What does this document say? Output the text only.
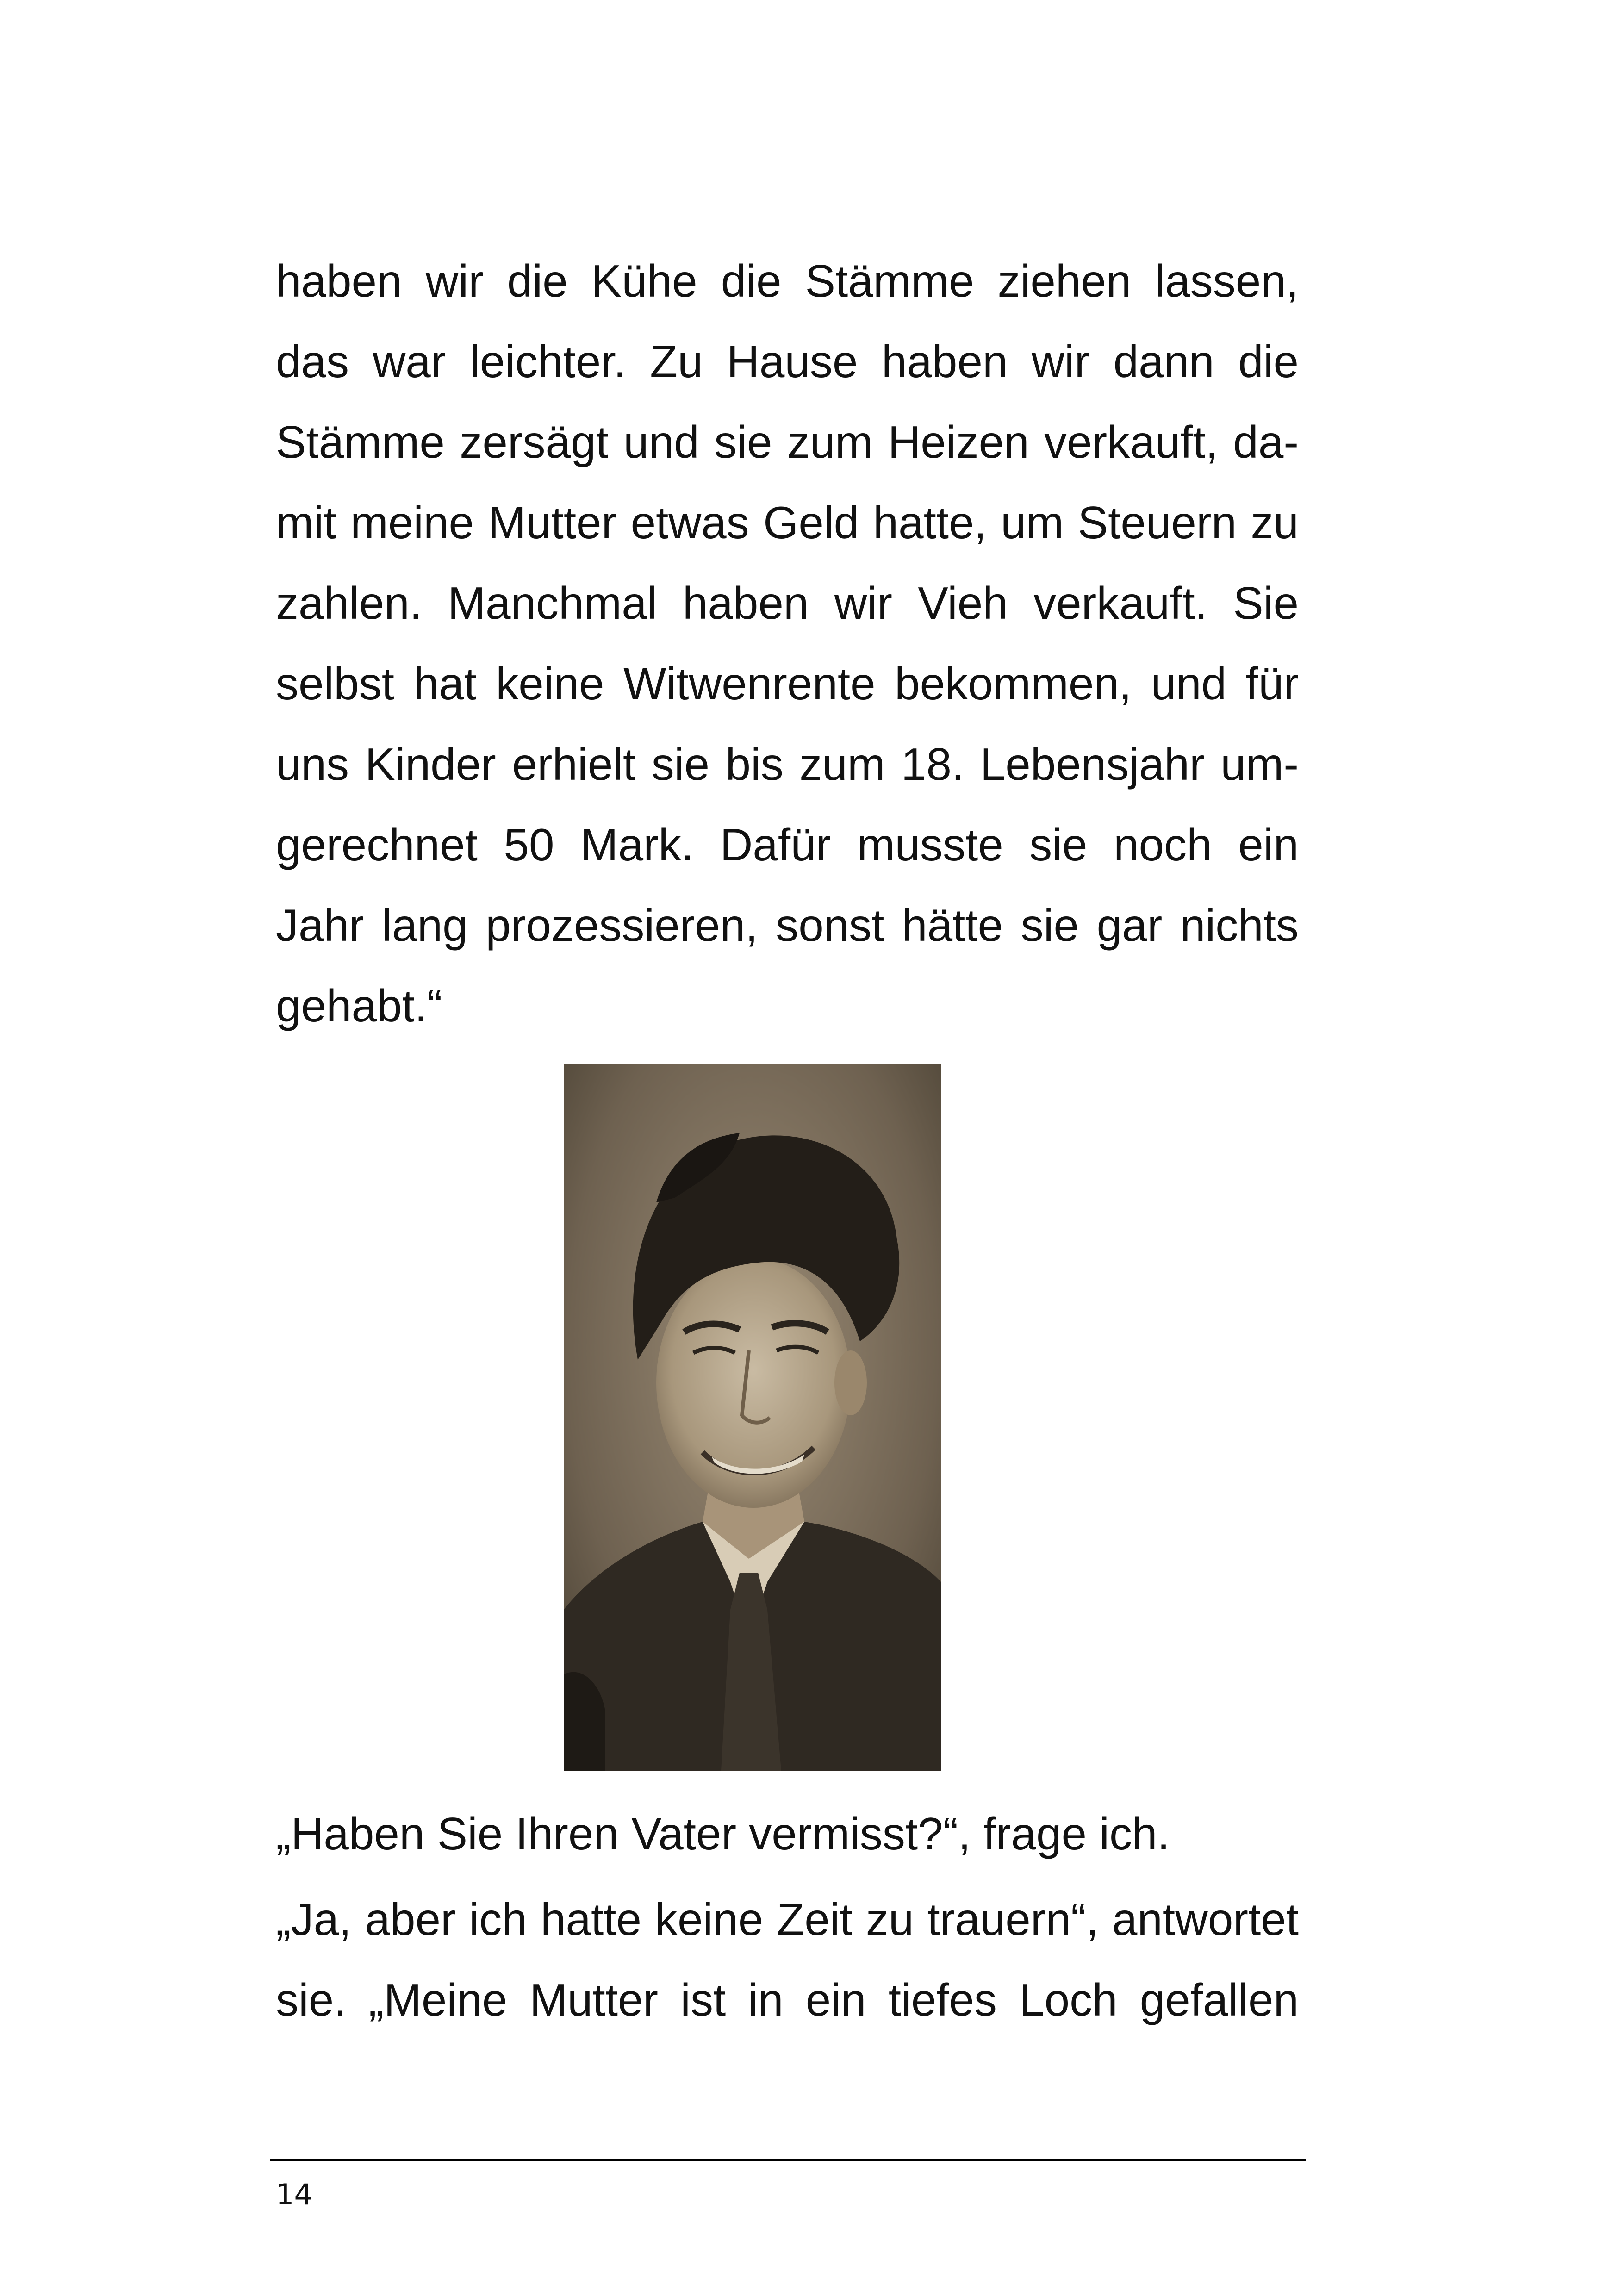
haben wir die Kühe die Stämme ziehen lassen,
das war leichter. Zu Hause haben wir dann die
Stämme zersägt und sie zum Heizen verkauft, da-
mit meine Mutter etwas Geld hatte, um Steuern zu
zahlen. Manchmal haben wir Vieh verkauft. Sie
selbst hat keine Witwenrente bekommen, und für
uns Kinder erhielt sie bis zum 18. Lebensjahr um-
gerechnet 50 Mark. Dafür musste sie noch ein
Jahr lang prozessieren, sonst hätte sie gar nichts
gehabt.“
„Haben Sie Ihren Vater vermisst?“, frage ich.
„Ja, aber ich hatte keine Zeit zu trauern“, antwortet
sie. „Meine Mutter ist in ein tiefes Loch gefallen
14
